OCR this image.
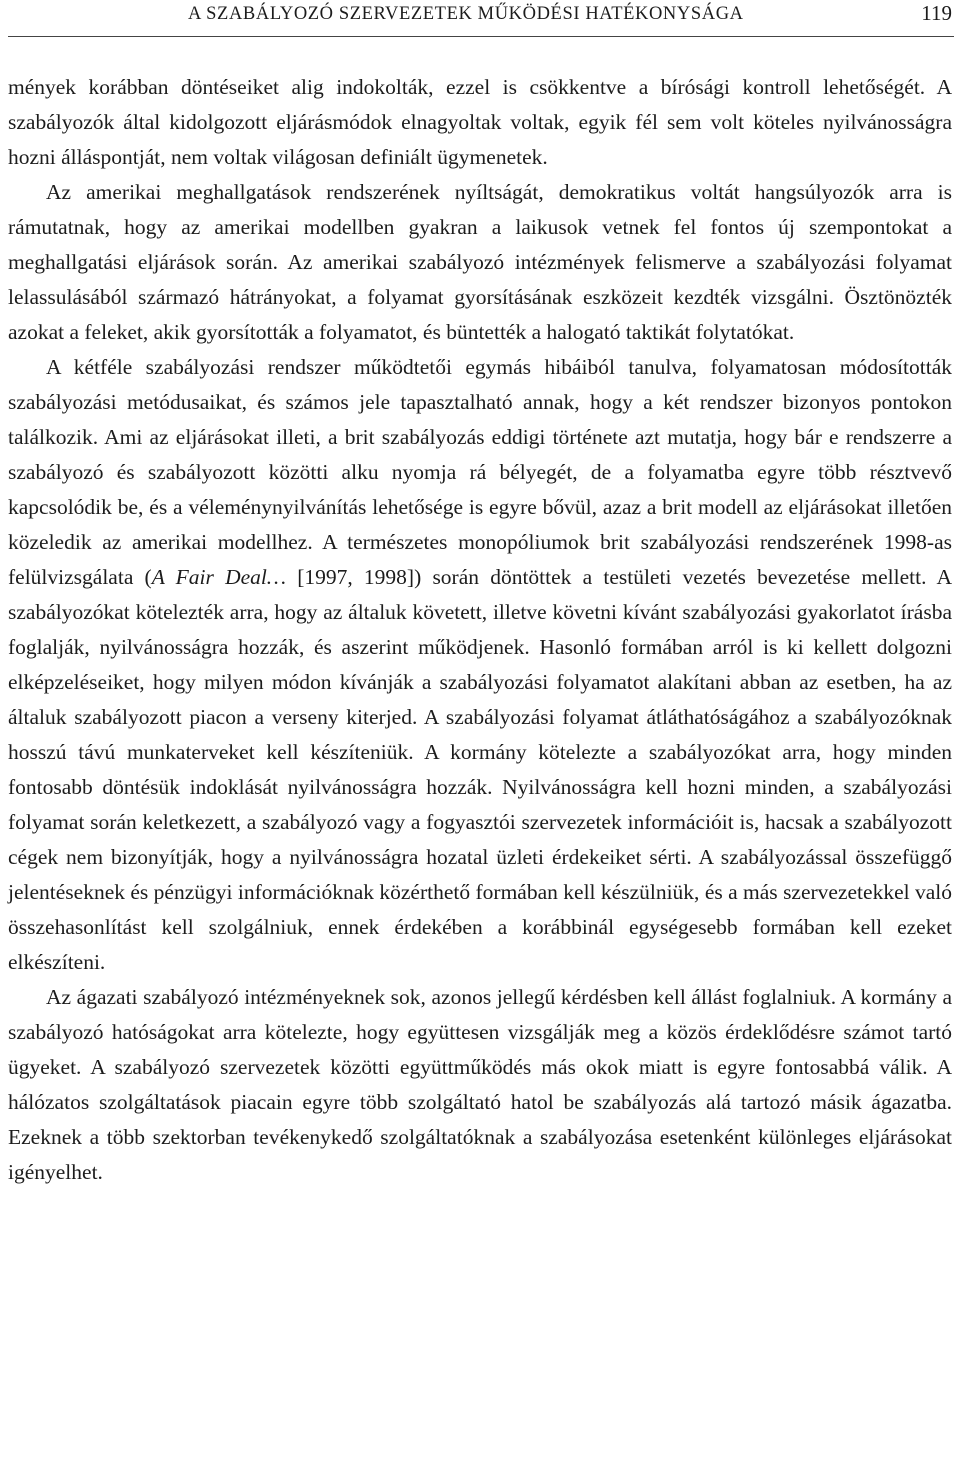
A SZABÁLYOZÓ SZERVEZETEK MŰKÖDÉSI HATÉKONYSÁGA	119

mények korábban döntéseiket alig indokolták, ezzel is csökkentve a bírósági kontroll lehetőségét. A szabályozók által kidolgozott eljárásmódok elnagyoltak voltak, egyik fél sem volt köteles nyilvánosságra hozni álláspontját, nem voltak világosan definiált ügymenetek.

Az amerikai meghallgatások rendszerének nyíltságát, demokratikus voltát hangsúlyozók arra is rámutatnak, hogy az amerikai modellben gyakran a laikusok vetnek fel fontos új szempontokat a meghallgatási eljárások során. Az amerikai szabályozó intézmények felismerve a szabályozási folyamat lelassulásából származó hátrányokat, a folyamat gyorsításának eszközeit kezdték vizsgálni. Ösztönözték azokat a feleket, akik gyorsították a folyamatot, és büntették a halogató taktikát folytatókat.

A kétféle szabályozási rendszer működtetői egymás hibáiból tanulva, folyamatosan módosították szabályozási metódusaikat, és számos jele tapasztalható annak, hogy a két rendszer bizonyos pontokon találkozik. Ami az eljárásokat illeti, a brit szabályozás eddigi története azt mutatja, hogy bár e rendszerre a szabályozó és szabályozott közötti alku nyomja rá bélyegét, de a folyamatba egyre több résztvevő kapcsolódik be, és a véleménynyilvánítás lehetősége is egyre bővül, azaz a brit modell az eljárásokat illetően közeledik az amerikai modellhez. A természetes monopóliumok brit szabályozási rendszerének 1998-as felülvizsgálata (A Fair Deal… [1997, 1998]) során döntöttek a testületi vezetés bevezetése mellett. A szabályozókat kötelezték arra, hogy az általuk követett, illetve követni kívánt szabályozási gyakorlatot írásba foglalják, nyilvánosságra hozzák, és aszerint működjenek. Hasonló formában arról is ki kellett dolgozni elképzeléseiket, hogy milyen módon kívánják a szabályozási folyamatot alakítani abban az esetben, ha az általuk szabályozott piacon a verseny kiterjed. A szabályozási folyamat átláthatóságához a szabályozóknak hosszú távú munkaterveket kell készíteniük. A kormány kötelezte a szabályozókat arra, hogy minden fontosabb döntésük indoklását nyilvánosságra hozzák. Nyilvánosságra kell hozni minden, a szabályozási folyamat során keletkezett, a szabályozó vagy a fogyasztói szervezetek információit is, hacsak a szabályozott cégek nem bizonyítják, hogy a nyilvánosságra hozatal üzleti érdekeiket sérti. A szabályozással összefüggő jelentéseknek és pénzügyi információknak közérthető formában kell készülniük, és a más szervezetekkel való összehasonlítást kell szolgálniuk, ennek érdekében a korábbinál egységesebb formában kell ezeket elkészíteni.

Az ágazati szabályozó intézményeknek sok, azonos jellegű kérdésben kell állást foglalniuk. A kormány a szabályozó hatóságokat arra kötelezte, hogy együttesen vizsgálják meg a közös érdeklődésre számot tartó ügyeket. A szabályozó szervezetek közötti együttműködés más okok miatt is egyre fontosabbá válik. A hálózatos szolgáltatások piacain egyre több szolgáltató hatol be szabályozás alá tartozó másik ágazatba. Ezeknek a több szektorban tevékenykedő szolgáltatóknak a szabályozása esetenként különleges eljárásokat igényelhet.
